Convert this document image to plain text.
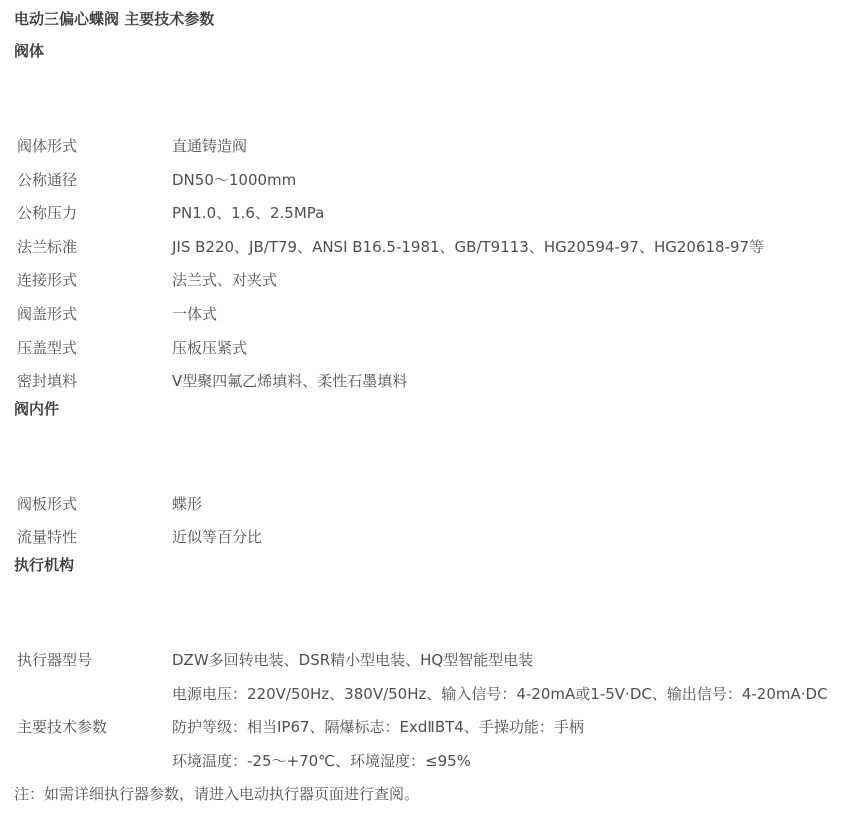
电动三偏心蝶阀 主要技术参数
阀体
阀体形式	直通铸造阀
公称通径	DN50～1000mm
公称压力	PN1.0、1.6、2.5MPa
法兰标准	JIS B220、JB/T79、ANSI B16.5-1981、GB/T9113、HG20594-97、HG20618-97等
连接形式	法兰式、对夹式
阀盖形式	一体式
压盖型式	压板压紧式
密封填料	V型聚四氟乙烯填料、柔性石墨填料
阀内件
阀板形式	蝶形
流量特性	近似等百分比
执行机构
执行器型号	DZW多回转电装、DSR精小型电装、HQ型智能型电装
主要技术参数
电源电压：220V/50Hz、380V/50Hz、输入信号：4-20mA或1-5V·DC、输出信号：4-20mA·DC
防护等级：相当IP67、隔爆标志：ExdⅡBT4、手操功能：手柄
环境温度：-25～+70℃、环境湿度：≤95%
注：如需详细执行器参数，请进入电动执行器页面进行查阅。
